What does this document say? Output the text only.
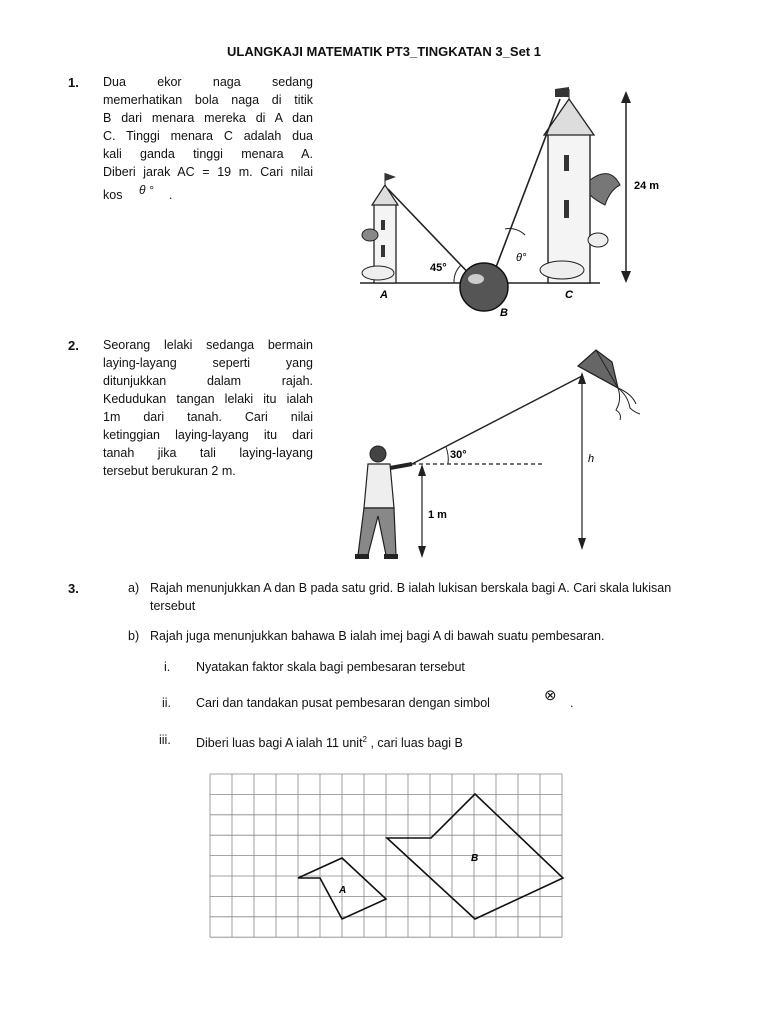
ULANGKAJI MATEMATIK PT3_TINGKATAN 3_Set 1
1. Dua ekor naga sedang
memerhatikan bola naga di titik
B dari menara mereka di A dan
C. Tinggi menara C adalah dua
kali ganda tinggi menara A.
Diberi jarak AC = 19 m. Cari nilai
kos θ ° .
45°
θ°
24 m
A
B
C
2. Seorang lelaki sedanga bermain
laying-layang seperti yang
ditunjukkan dalam rajah.
Kedudukan tangan lelaki itu ialah
1m dari tanah. Cari nilai
ketinggian laying-layang itu dari
tanah jika tali laying-layang
tersebut berukuran 2 m.
30°	h
1 m
3.	a) Rajah menunjukkan A dan B pada satu grid. B ialah lukisan berskala bagi A. Cari skala lukisan tersebut
b) Rajah juga menunjukkan bahawa B ialah imej bagi A di bawah suatu pembesaran.
i. Nyatakan faktor skala bagi pembesaran tersebut
ii. Cari dan tandakan pusat pembesaran dengan simbol	⊗ .
iii. Diberi luas bagi A ialah 11 unit$^2$ , cari luas bagi B
A
B
